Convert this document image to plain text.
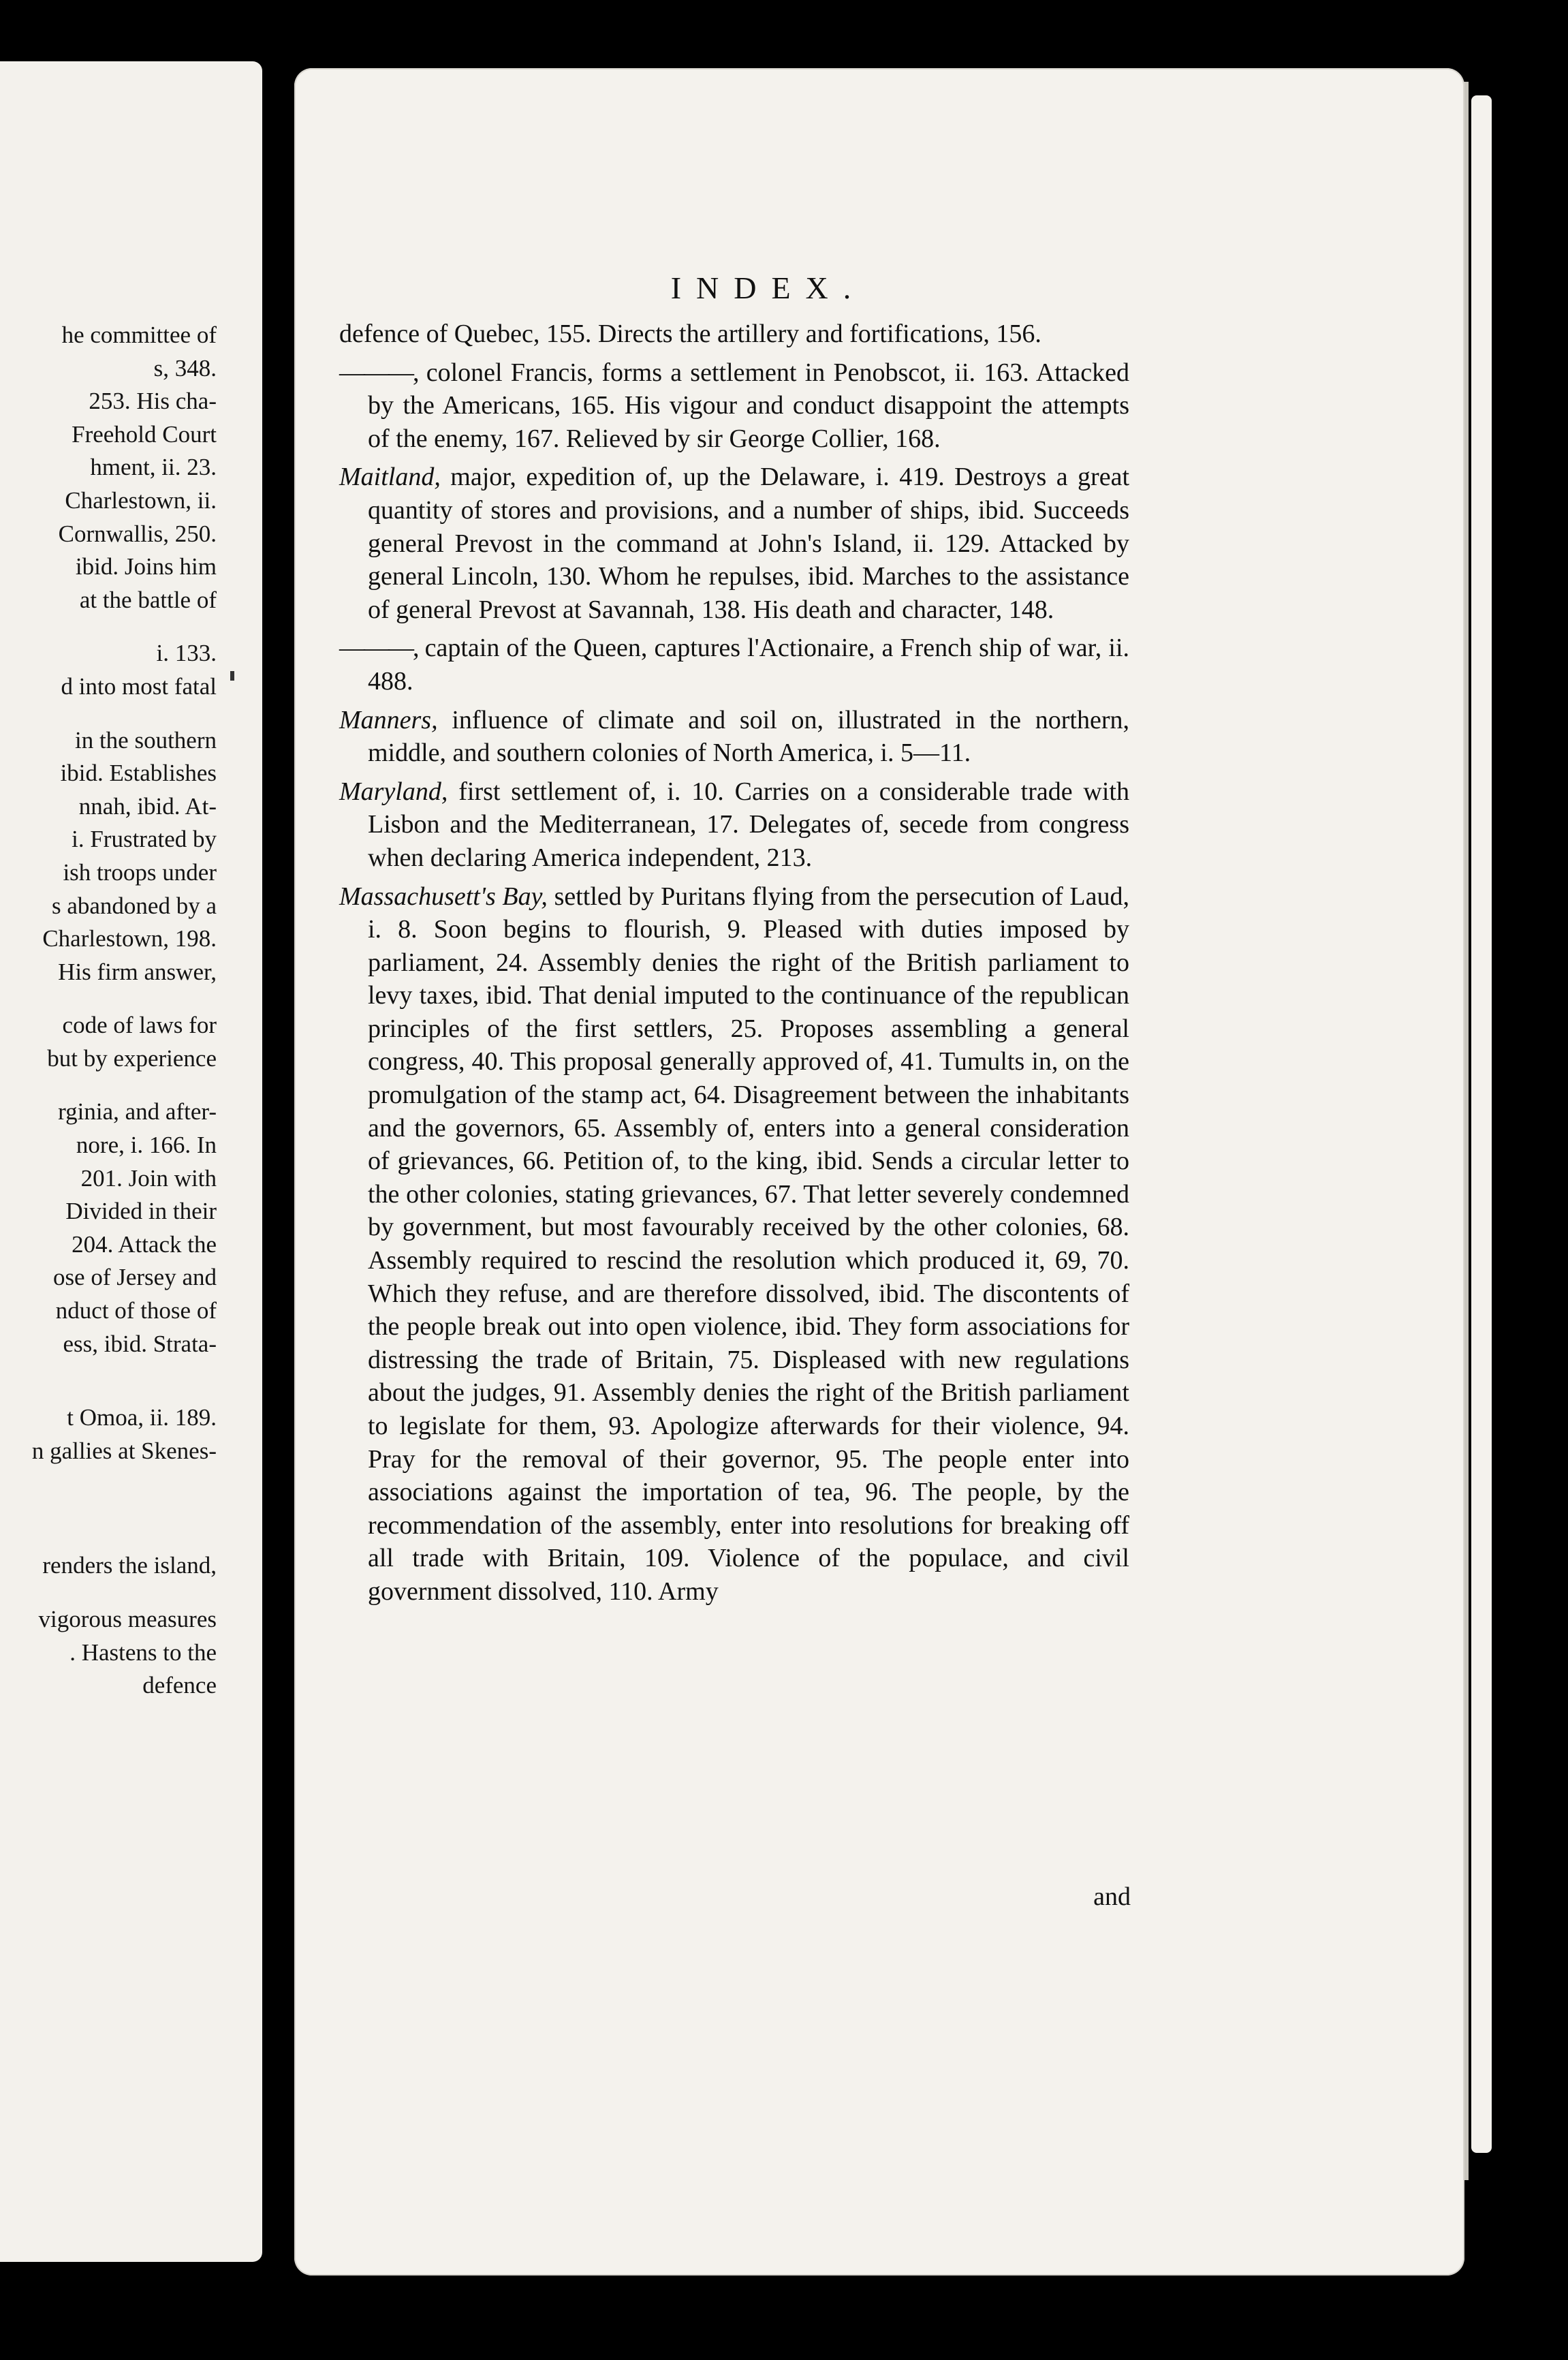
he committee of
s, 348.
253. His cha-
Freehold Court
hment, ii. 23.
Charlestown, ii.
Cornwallis, 250.
ibid. Joins him
at the battle of
i. 133.
d into most fatal
in the southern
ibid. Establishes
nnah, ibid. At-
i. Frustrated by
ish troops under
s abandoned by a
Charlestown, 198.
His firm answer,
code of laws for
but by experience
rginia, and after-
nore, i. 166. In
201. Join with
Divided in their
204. Attack the
ose of Jersey and
nduct of those of
ess, ibid. Strata-
t Omoa, ii. 189.
n gallies at Skenes-
renders the island,
vigorous measures
. Hastens to the
defence
INDEX.

defence of Quebec, 155. Directs the artillery and fortifications, 156.

———, colonel Francis, forms a settlement in Penobscot, ii. 163. Attacked by the Americans, 165. His vigour and conduct disappoint the attempts of the enemy, 167. Relieved by sir George Collier, 168.

Maitland, major, expedition of, up the Delaware, i. 419. Destroys a great quantity of stores and provisions, and a number of ships, ibid. Succeeds general Prevost in the command at John's Island, ii. 129. Attacked by general Lincoln, 130. Whom he repulses, ibid. Marches to the assistance of general Prevost at Savannah, 138. His death and character, 148.

———, captain of the Queen, captures l'Actionaire, a French ship of war, ii. 488.

Manners, influence of climate and soil on, illustrated in the northern, middle, and southern colonies of North America, i. 5—11.

Maryland, first settlement of, i. 10. Carries on a considerable trade with Lisbon and the Mediterranean, 17. Delegates of, secede from congress when declaring America independent, 213.

Massachusett's Bay, settled by Puritans flying from the persecution of Laud, i. 8. Soon begins to flourish, 9. Pleased with duties imposed by parliament, 24. Assembly denies the right of the British parliament to levy taxes, ibid. That denial imputed to the continuance of the republican principles of the first settlers, 25. Proposes assembling a general congress, 40. This proposal generally approved of, 41. Tumults in, on the promulgation of the stamp act, 64. Disagreement between the inhabitants and the governors, 65. Assembly of, enters into a general consideration of grievances, 66. Petition of, to the king, ibid. Sends a circular letter to the other colonies, stating grievances, 67. That letter severely condemned by government, but most favourably received by the other colonies, 68. Assembly required to rescind the resolution which produced it, 69, 70. Which they refuse, and are therefore dissolved, ibid. The discontents of the people break out into open violence, ibid. They form associations for distressing the trade of Britain, 75. Displeased with new regulations about the judges, 91. Assembly denies the right of the British parliament to legislate for them, 93. Apologize afterwards for their violence, 94. Pray for the removal of their governor, 95. The people enter into associations against the importation of tea, 96. The people, by the recommendation of the assembly, enter into resolutions for breaking off all trade with Britain, 109. Violence of the populace, and civil government dissolved, 110. Army

and
